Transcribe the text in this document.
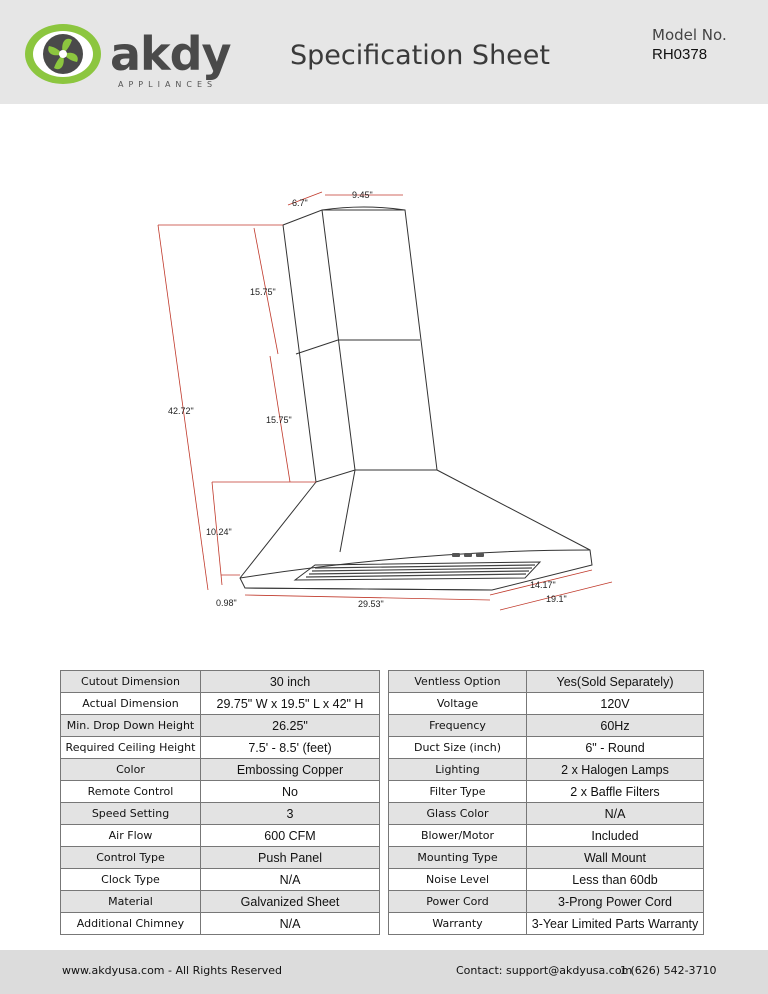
akdy
APPLIANCES
Specification Sheet
Model No.
RH0378
6.7"
9.45"
15.75"
42.72"
15.75"
10.24"
14.17"
19.1"
0.98"	29.53"
Cutout Dimension	30 inch
Actual Dimension	29.75" W x 19.5" L x 42" H
Min. Drop Down Height	26.25"
Required Ceiling Height	7.5' - 8.5' (feet)
Color	Embossing Copper
Remote Control	No
Speed Setting	3
Air Flow	600 CFM
Control Type	Push Panel
Clock Type	N/A
Material	Galvanized Sheet
Additional Chimney	N/A
Ventless Option	Yes(Sold Separately)
Voltage	120V
Frequency	60Hz
Duct Size (inch)	6" - Round
Lighting	2 x Halogen Lamps
Filter Type	2 x Baffle Filters
Glass Color	N/A
Blower/Motor	Included
Mounting Type	Wall Mount
Noise Level	Less than 60db
Power Cord	3-Prong Power Cord
Warranty	3-Year Limited Parts Warranty
www.akdyusa.com - All Rights Reserved	Contact: support@akdyusa.com
1 (626) 542-3710
